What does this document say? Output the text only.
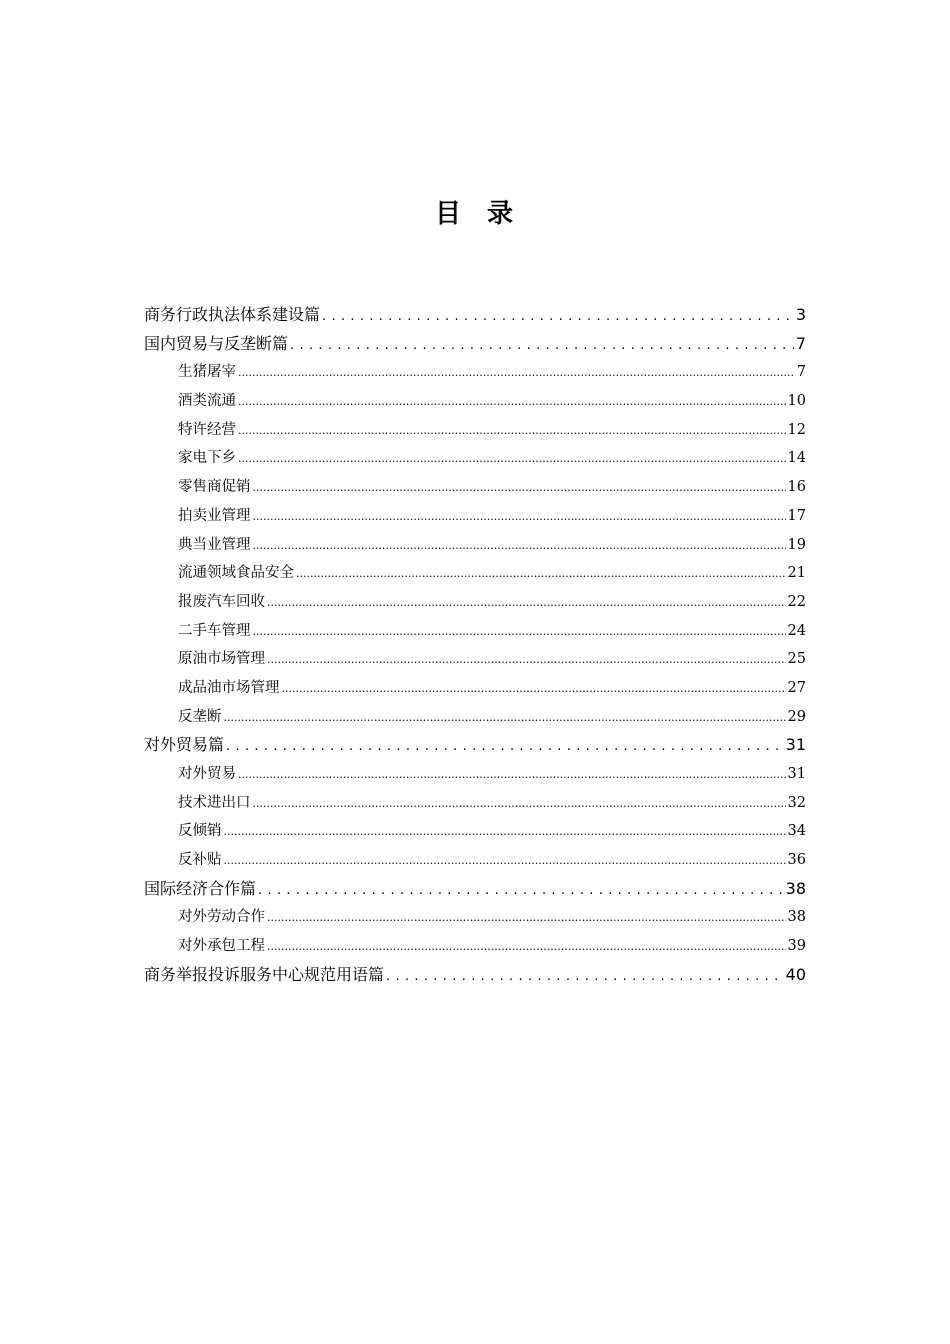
目 录
商务行政执法体系建设篇 . . .	3
国内贸易与反垄断篇 . . .	7
生猪屠宰 .....	7
酒类流通 .....	10
特许经营 .....	12
家电下乡 .....	14
零售商促销 .....	16
拍卖业管理 .....	17
典当业管理 .....	19
流通领域食品安全 .....	21
报废汽车回收 .....	22
二手车管理 .....	24
原油市场管理 .....	25
成品油市场管理 .....	27
反垄断 .....	29
对外贸易篇 . . .	31
对外贸易 .....	31
技术进出口 .....	32
反倾销 .....	34
反补贴 .....	36
国际经济合作篇 . . .	38
对外劳动合作 .....	38
对外承包工程 .....	39
商务举报投诉服务中心规范用语篇 . . .	40
